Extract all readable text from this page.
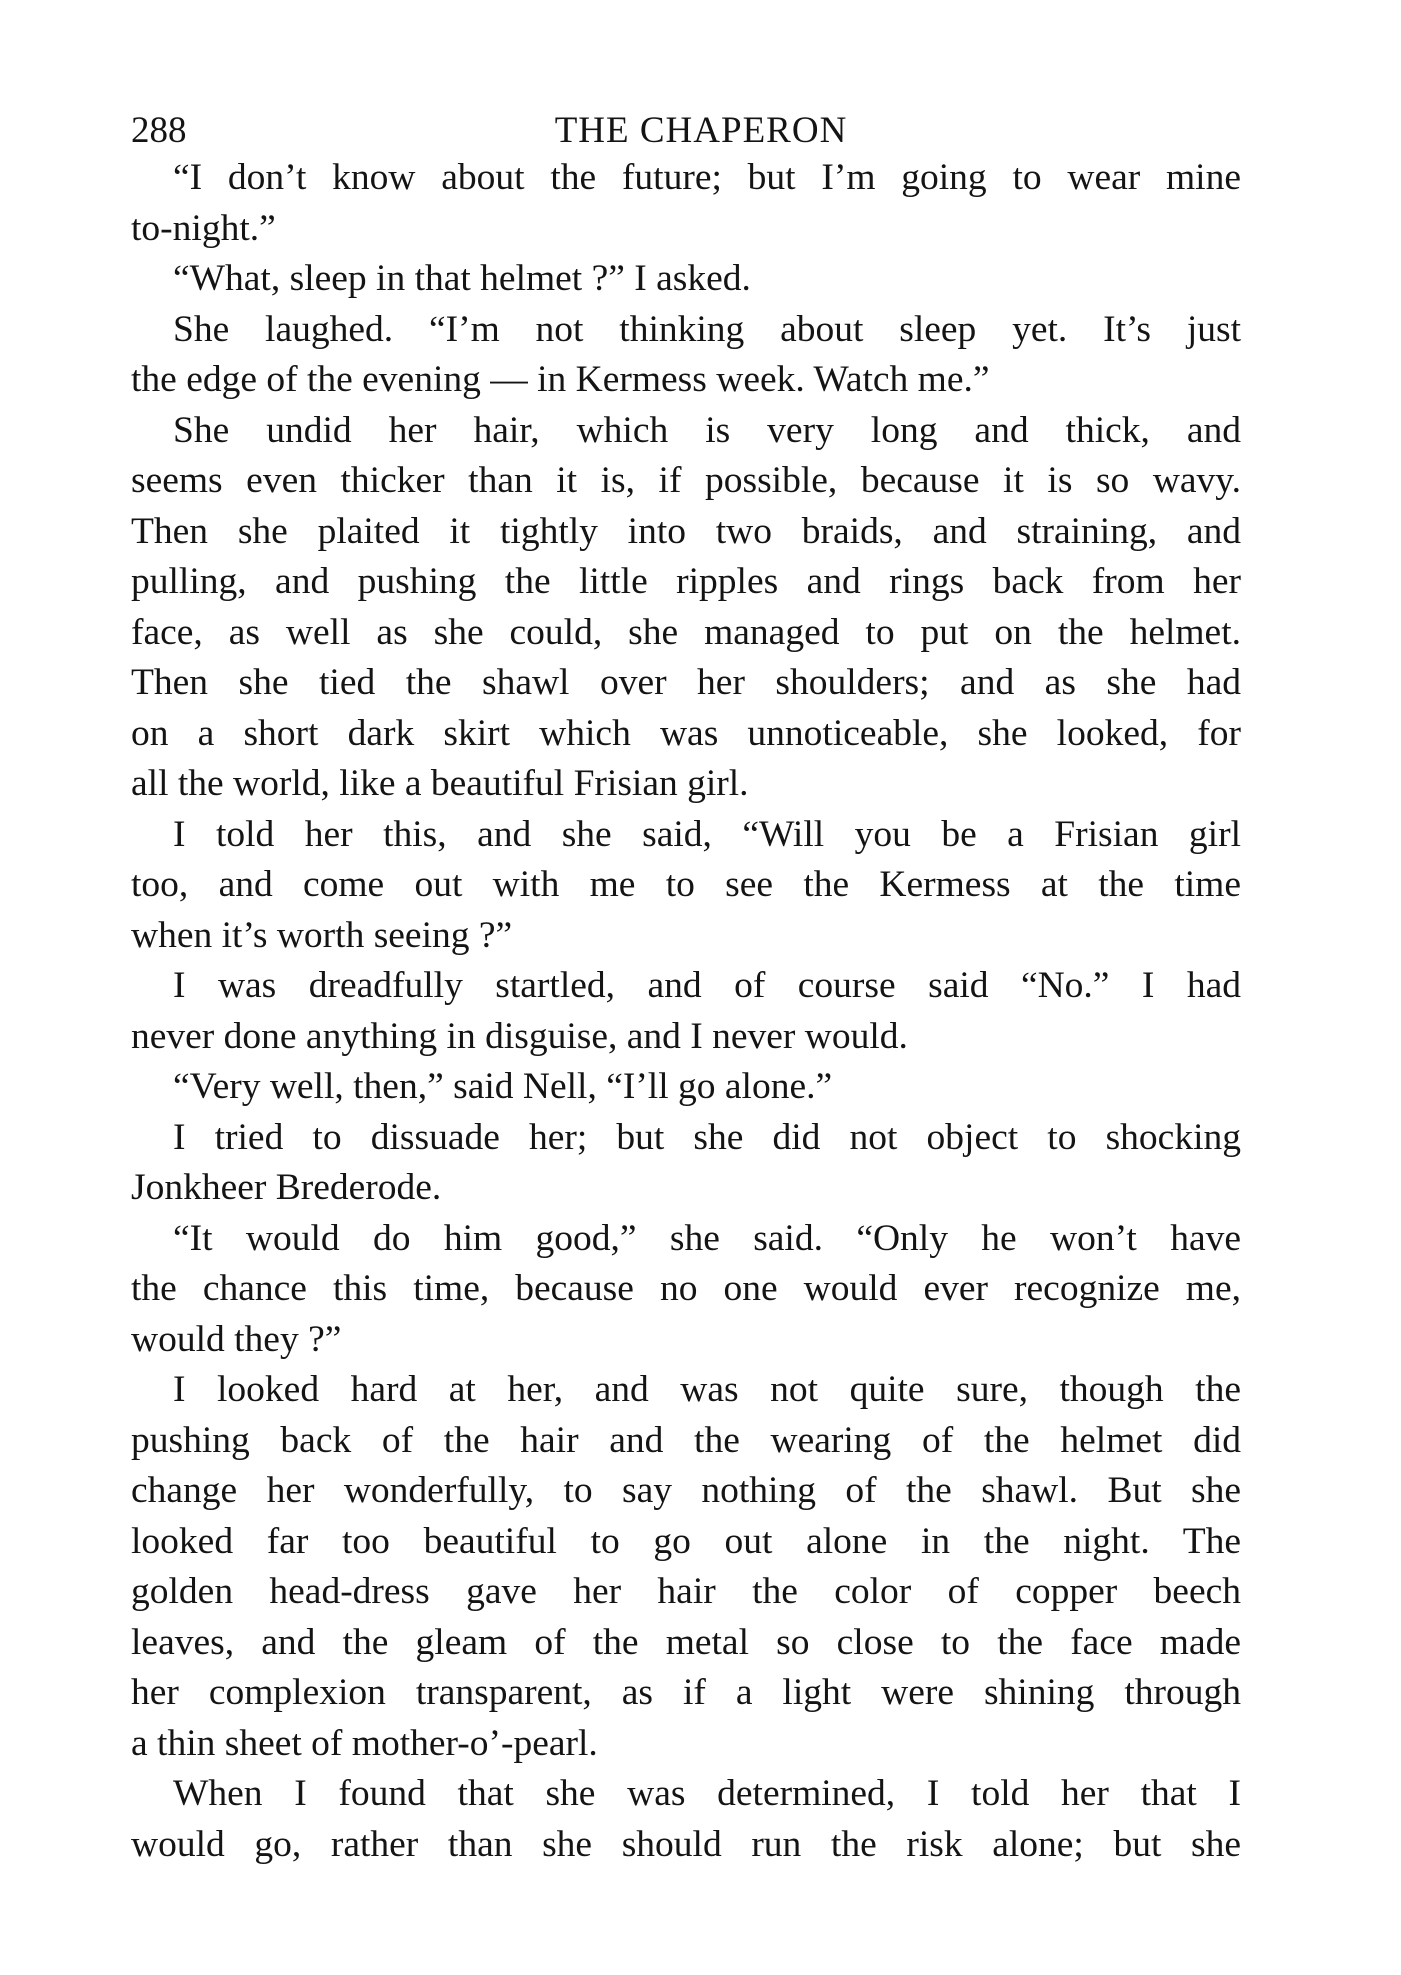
288	THE CHAPERON
“I don’t know about the future; but I’m going to wear mine
to-night.”
“What, sleep in that helmet ?” I asked.
She laughed. “I’m not thinking about sleep yet. It’s just
the edge of the evening — in Kermess week. Watch me.”
She undid her hair, which is very long and thick, and
seems even thicker than it is, if possible, because it is so wavy.
Then she plaited it tightly into two braids, and straining, and
pulling, and pushing the little ripples and rings back from her
face, as well as she could, she managed to put on the helmet.
Then she tied the shawl over her shoulders; and as she had
on a short dark skirt which was unnoticeable, she looked, for
all the world, like a beautiful Frisian girl.
I told her this, and she said, “Will you be a Frisian girl
too, and come out with me to see the Kermess at the time
when it’s worth seeing ?”
I was dreadfully startled, and of course said “No.” I had
never done anything in disguise, and I never would.
“Very well, then,” said Nell, “I’ll go alone.”
I tried to dissuade her; but she did not object to shocking
Jonkheer Brederode.
“It would do him good,” she said. “Only he won’t have
the chance this time, because no one would ever recognize me,
would they ?”
I looked hard at her, and was not quite sure, though the
pushing back of the hair and the wearing of the helmet did
change her wonderfully, to say nothing of the shawl. But she
looked far too beautiful to go out alone in the night. The
golden head-dress gave her hair the color of copper beech
leaves, and the gleam of the metal so close to the face made
her complexion transparent, as if a light were shining through
a thin sheet of mother-o’-pearl.
When I found that she was determined, I told her that I
would go, rather than she should run the risk alone; but she
